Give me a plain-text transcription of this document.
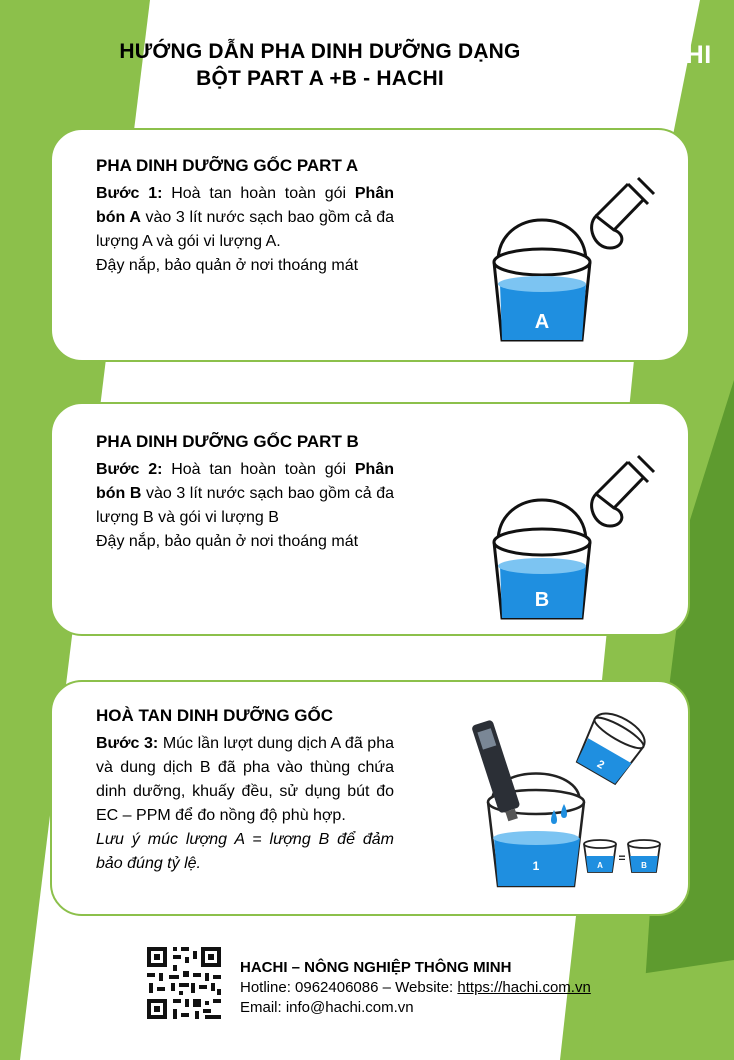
HƯỚNG DẪN PHA DINH DƯỠNG DẠNG
BỘT PART A +B - HACHI
HACHI
PHA DINH DƯỠNG GỐC PART A

Bước 1: Hoà tan hoàn toàn gói Phân bón A vào 3 lít nước sạch bao gồm cả đa lượng A và gói vi lượng A.

Đậy nắp, bảo quản ở nơi thoáng mát

A
PHA DINH DƯỠNG GỐC PART B

Bước 2: Hoà tan hoàn toàn gói Phân bón B vào 3 lít nước sạch bao gồm cả đa lượng B và gói vi lượng B

Đậy nắp, bảo quản ở nơi thoáng mát

B
HOÀ TAN DINH DƯỠNG GỐC

Bước 3: Múc lần lượt dung dịch A đã pha và dung dịch B đã pha vào thùng chứa dinh dưỡng, khuấy đều, sử dụng bút đo EC – PPM để đo nồng độ phù hợp.

Lưu ý múc lượng A = lượng B để đảm bảo đúng tỷ lệ.	1
2
A	B
=
HACHI – NÔNG NGHIỆP THÔNG MINH
Hotline: 0962406086 – Website: https://hachi.com.vn
Email: info@hachi.com.vn
